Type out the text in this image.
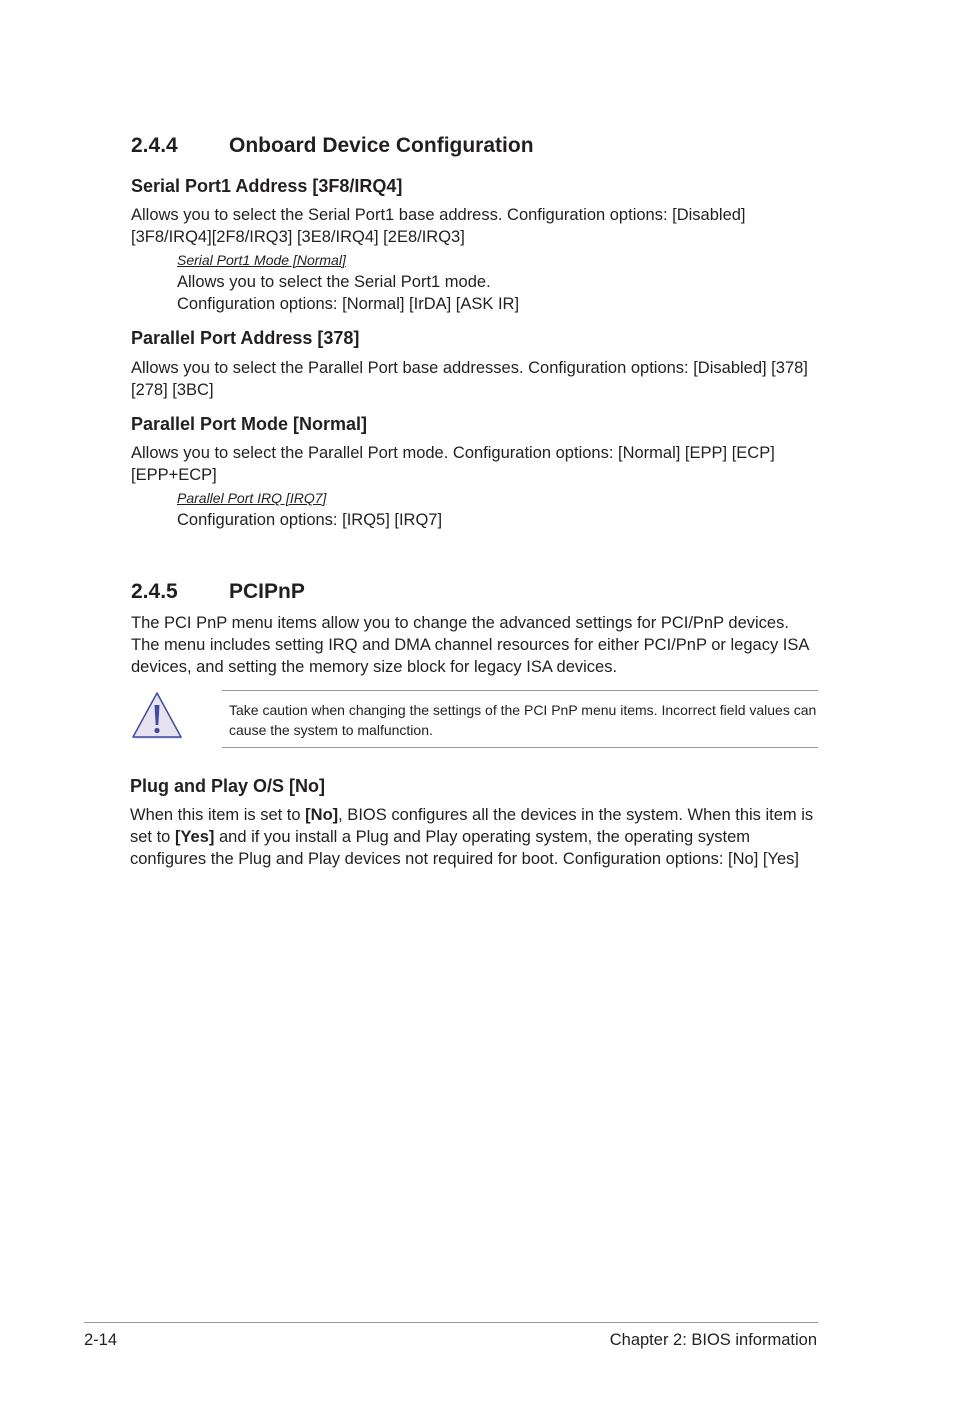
2.4.4 Onboard Device Configuration
Serial Port1 Address [3F8/IRQ4]
Allows you to select the Serial Port1 base address. Configuration options: [Disabled] [3F8/IRQ4][2F8/IRQ3] [3E8/IRQ4] [2E8/IRQ3]
Serial Port1 Mode [Normal]
Allows you to select the Serial Port1 mode.
Configuration options: [Normal] [IrDA] [ASK IR]
Parallel Port Address [378]
Allows you to select the Parallel Port base addresses. Configuration options: [Disabled] [378] [278] [3BC]
Parallel Port Mode [Normal]
Allows you to select the Parallel Port mode. Configuration options: [Normal] [EPP] [ECP] [EPP+ECP]
Parallel Port IRQ [IRQ7]
Configuration options: [IRQ5] [IRQ7]
2.4.5 PCIPnP
The PCI PnP menu items allow you to change the advanced settings for PCI/PnP devices. The menu includes setting IRQ and DMA channel resources for either PCI/PnP or legacy ISA devices, and setting the memory size block for legacy ISA devices.
Take caution when changing the settings of the PCI PnP menu items. Incorrect field values can cause the system to malfunction.
Plug and Play O/S [No]
When this item is set to [No], BIOS configures all the devices in the system. When this item is set to [Yes] and if you install a Plug and Play operating system, the operating system configures the Plug and Play devices not required for boot. Configuration options: [No] [Yes]
2-14	Chapter 2: BIOS information
